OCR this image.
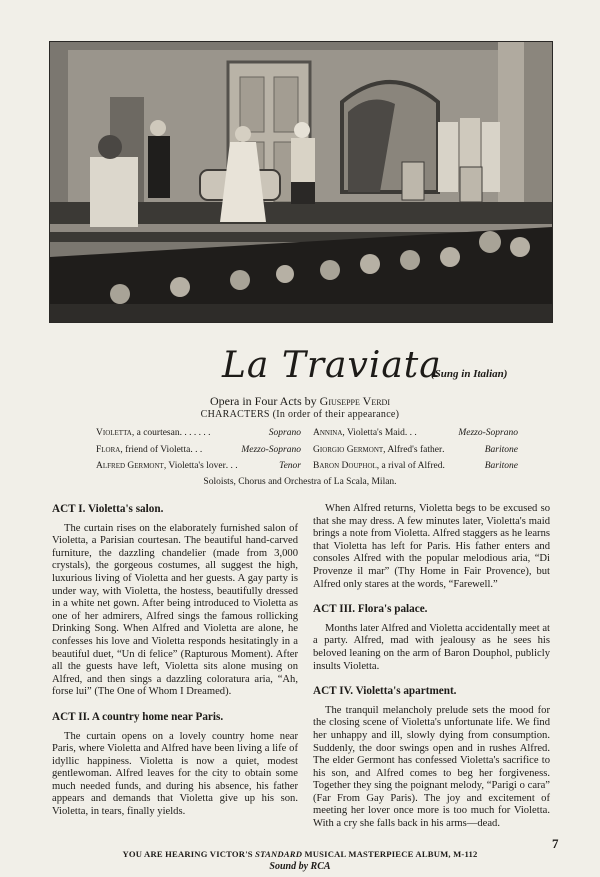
La Traviata
(Sung in Italian)
Opera in Four Acts by Giuseppe Verdi
CHARACTERS (In order of their appearance)
Violetta , a courtesan . . . . . . .	Soprano
Flora , friend of Violetta . . .	Mezzo-Soprano
Alfred Germont , Violetta's lover . . .	Tenor
Annina , Violetta's Maid . . .	Mezzo-Soprano
Giorgio Germont , Alfred's father .	Baritone
Baron Douphol , a rival of Alfred .	Baritone
Soloists, Chorus and Orchestra of La Scala, Milan.
ACT I. Violetta's salon.

The curtain rises on the elaborately furnished salon of Violetta, a Parisian courtesan. The beautiful hand-carved furniture, the dazzling chandelier (made from 3,000 crystals), the gorgeous costumes, all suggest the high, luxurious living of Violetta and her guests. A gay party is under way, with Violetta, the hostess, beautifully dressed in a white net gown. After being introduced to Violetta as one of her admirers, Alfred sings the famous rollicking Drinking Song. When Alfred and Violetta are alone, he confesses his love and Violetta responds hesitatingly in a beautiful duet, “Un di felice” (Rapturous Moment). After all the guests have left, Violetta sits alone musing on Alfred, and then sings a dazzling coloratura aria, “Ah, forse lui” (The One of Whom I Dreamed).

ACT II. A country home near Paris.

The curtain opens on a lovely country home near Paris, where Violetta and Alfred have been living a life of idyllic happiness. Violetta is now a quiet, modest gentlewoman. Alfred leaves for the city to obtain some much needed funds, and during his absence, his father appears and demands that Violetta give up his son. Violetta, in tears, finally yields.

When Alfred returns, Violetta begs to be excused so that she may dress. A few minutes later, Violetta's maid brings a note from Violetta. Alfred staggers as he learns that Violetta has left for Paris. His father enters and consoles Alfred with the popular melodious aria, “Di Provenze il mar” (Thy Home in Fair Provence), but Alfred only stares at the words, “Farewell.”

ACT III. Flora's palace.

Months later Alfred and Violetta accidentally meet at a party. Alfred, mad with jealousy as he sees his beloved leaning on the arm of Baron Douphol, publicly insults Violetta.

ACT IV. Violetta's apartment.

The tranquil melancholy prelude sets the mood for the closing scene of Violetta's unfortunate life. We find her unhappy and ill, slowly dying from consumption. Suddenly, the door swings open and in rushes Alfred. The elder Germont has confessed Violetta's sacrifice to his son, and Alfred comes to beg her forgiveness. Together they sing the poignant melody, “Parigi o cara” (Far From Gay Paris). The joy and excitement of meeting her lover once more is too much for Violetta. With a cry she falls back in his arms—dead.

YOU ARE HEARING VICTOR'S STANDARD MUSICAL MASTERPIECE ALBUM, M-112
Sound by RCA
7
